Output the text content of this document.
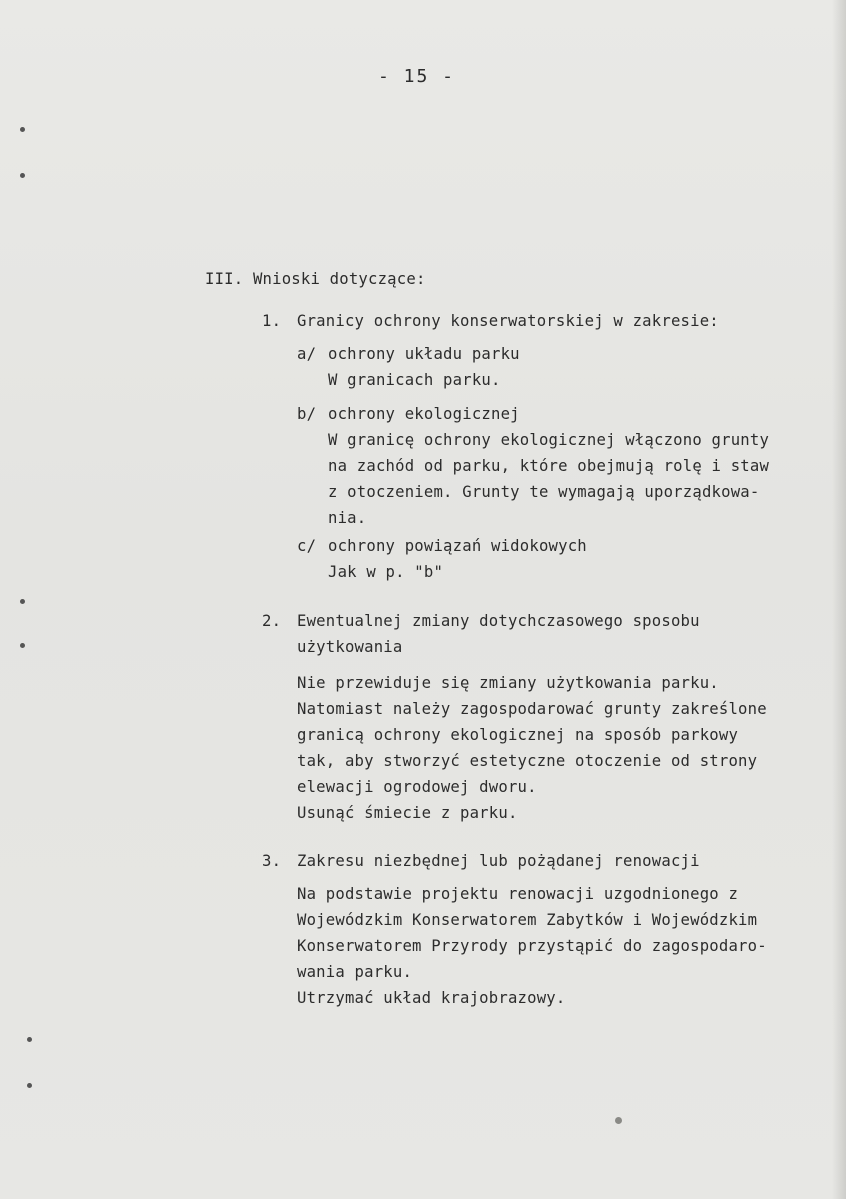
- 15 -
III. Wnioski dotyczące:
1. Granicy ochrony konserwatorskiej w zakresie:
a/ ochrony układu parku
W granicach parku.
b/ ochrony ekologicznej
W granicę ochrony ekologicznej włączono grunty
na zachód od parku, które obejmują rolę i staw
z otoczeniem. Grunty te wymagają uporządkowa-
nia.
c/ ochrony powiązań widokowych
Jak w p. "b"
2. Ewentualnej zmiany dotychczasowego sposobu
użytkowania
Nie przewiduje się zmiany użytkowania parku.
Natomiast należy zagospodarować grunty zakreślone
granicą ochrony ekologicznej na sposób parkowy
tak, aby stworzyć estetyczne otoczenie od strony
elewacji ogrodowej dworu.
Usunąć śmiecie z parku.
3. Zakresu niezbędnej lub pożądanej renowacji
Na podstawie projektu renowacji uzgodnionego z
Wojewódzkim Konserwatorem Zabytków i Wojewódzkim
Konserwatorem Przyrody przystąpić do zagospodaro-
wania parku.
Utrzymać układ krajobrazowy.
